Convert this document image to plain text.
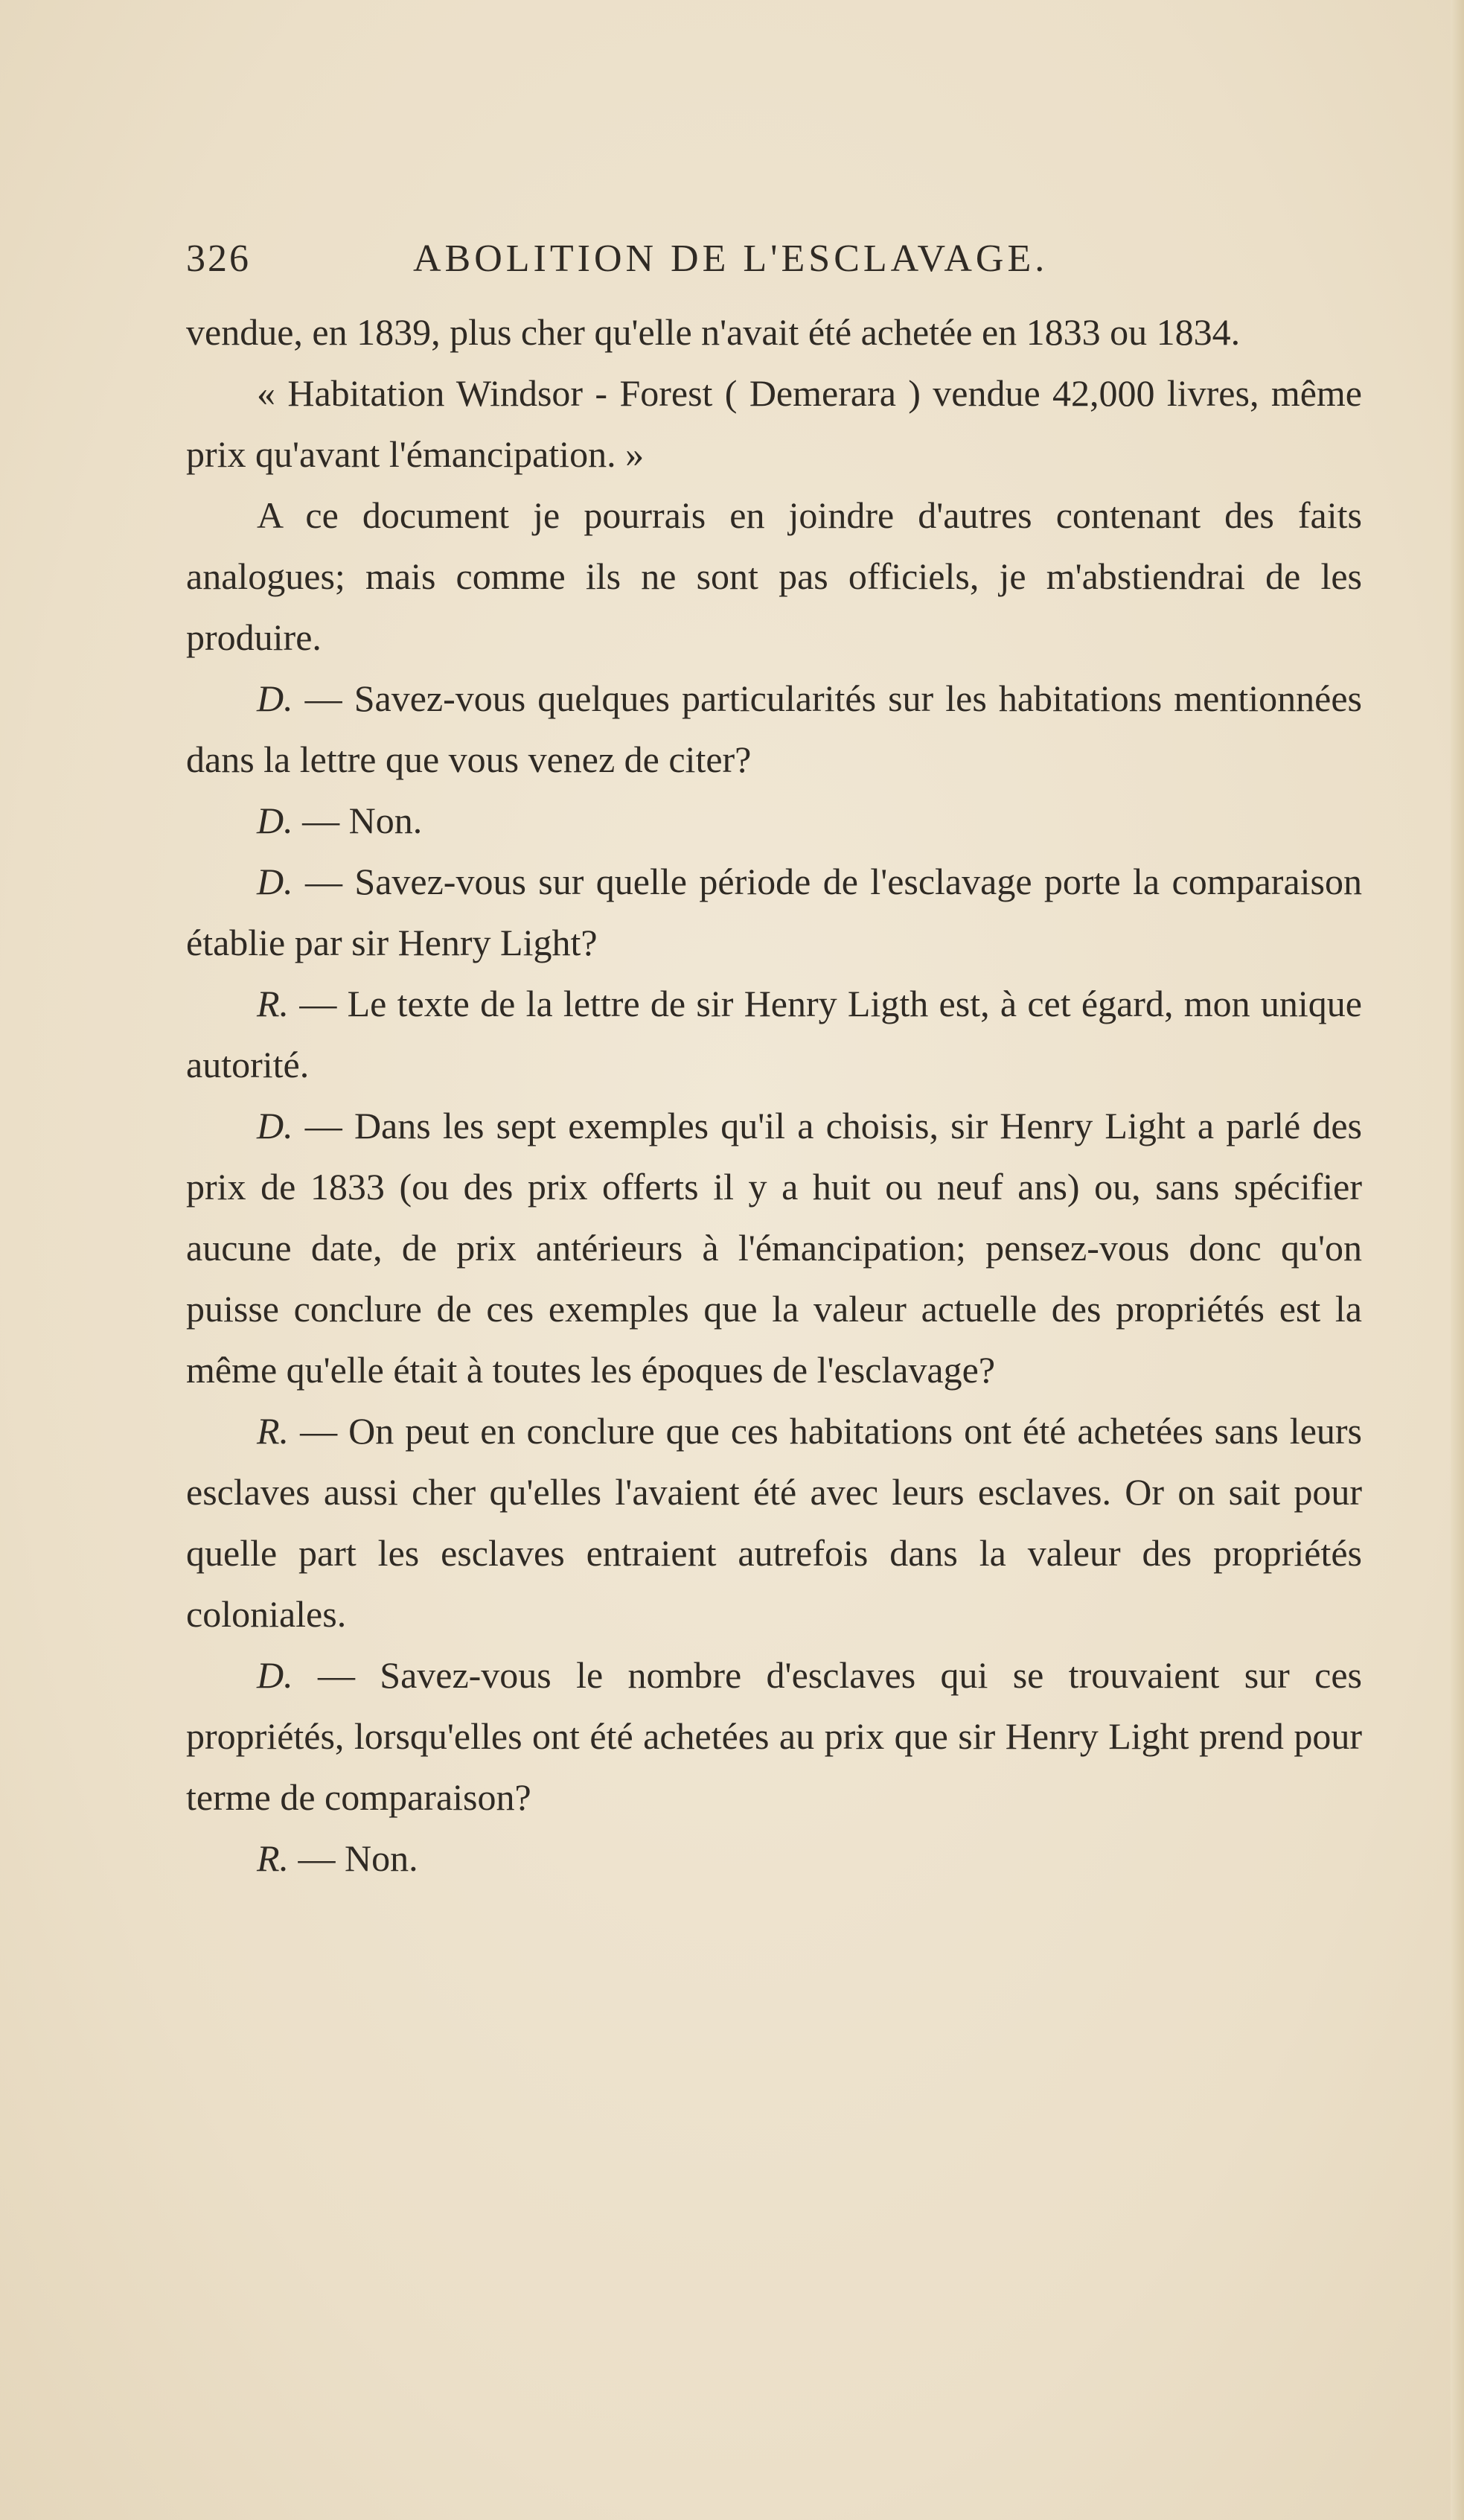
326	ABOLITION DE L'ESCLAVAGE.

vendue, en 1839, plus cher qu'elle n'avait été achetée en 1833 ou 1834.

« Habitation Windsor - Forest ( Demerara ) vendue 42,000 livres, même prix qu'avant l'émancipation. »

A ce document je pourrais en joindre d'autres contenant des faits analogues; mais comme ils ne sont pas officiels, je m'abstiendrai de les produire.

D. — Savez-vous quelques particularités sur les habitations mentionnées dans la lettre que vous venez de citer?

D. — Non.

D. — Savez-vous sur quelle période de l'esclavage porte la comparaison établie par sir Henry Light?

R. — Le texte de la lettre de sir Henry Ligth est, à cet égard, mon unique autorité.

D. — Dans les sept exemples qu'il a choisis, sir Henry Light a parlé des prix de 1833 (ou des prix offerts il y a huit ou neuf ans) ou, sans spécifier aucune date, de prix antérieurs à l'émancipation; pensez-vous donc qu'on puisse conclure de ces exemples que la valeur actuelle des propriétés est la même qu'elle était à toutes les époques de l'esclavage?

R. — On peut en conclure que ces habitations ont été achetées sans leurs esclaves aussi cher qu'elles l'avaient été avec leurs esclaves. Or on sait pour quelle part les esclaves entraient autrefois dans la valeur des propriétés coloniales.

D. — Savez-vous le nombre d'esclaves qui se trouvaient sur ces propriétés, lorsqu'elles ont été achetées au prix que sir Henry Light prend pour terme de comparaison?

R. — Non.
